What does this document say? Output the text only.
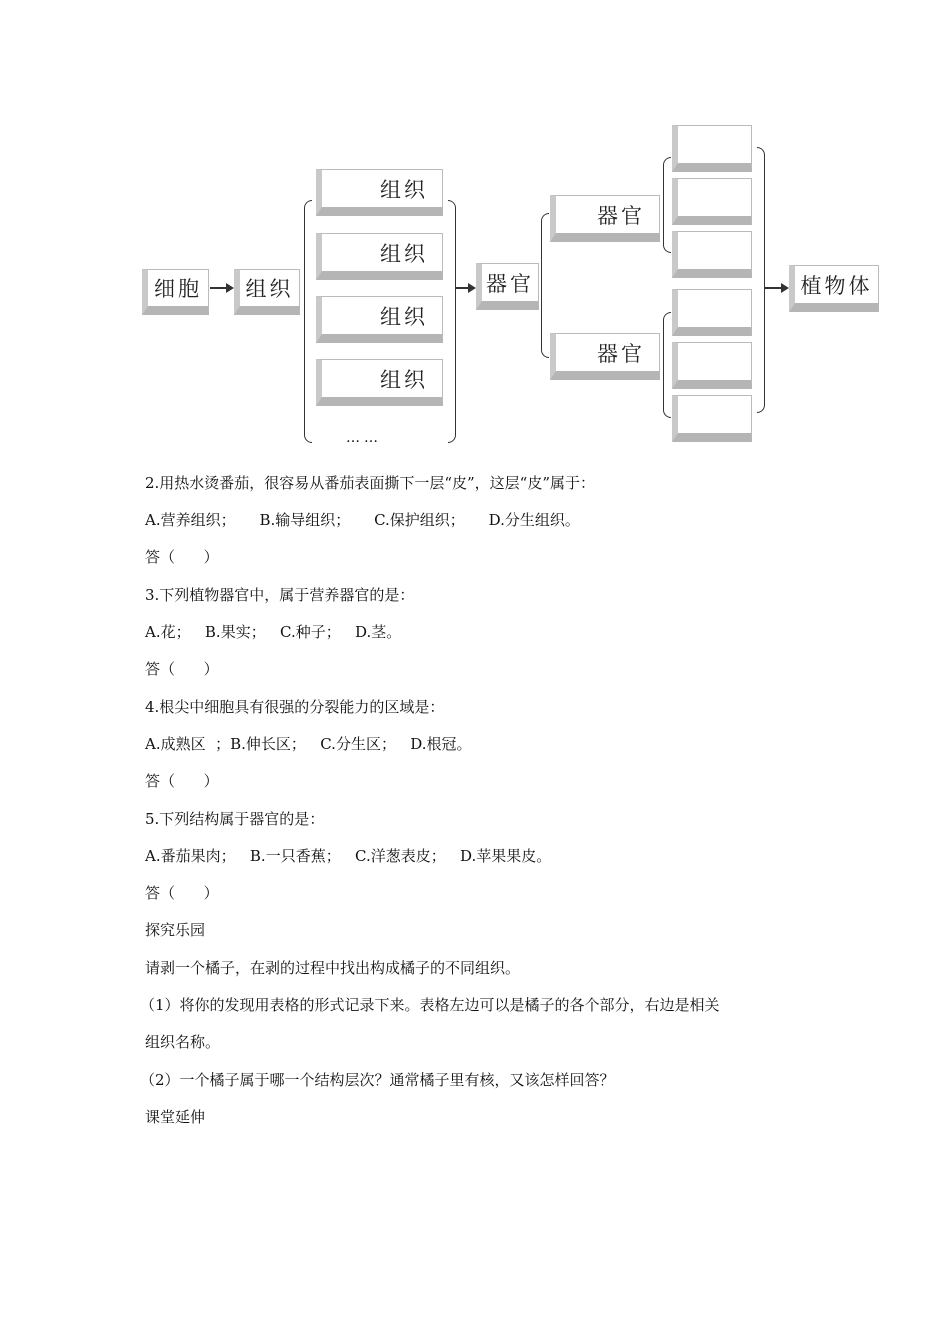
细胞	组织
组织
组织
组织
组织
……
器官
器官
器官
植物体
2.用热水烫番茄，很容易从番茄表面撕下一层“皮”，这层“皮”属于：
A.营养组织；     B.输导组织；     C.保护组织；     D.分生组织。
答（      ）
3.下列植物器官中，属于营养器官的是：
A.花；   B.果实；   C.种子；   D.茎。
答（      ）
4.根尖中细胞具有很强的分裂能力的区域是：
A.成熟区  ；B.伸长区；   C.分生区；   D.根冠。
答（      ）
5.下列结构属于器官的是：
A.番茄果肉；   B.一只香蕉；   C.洋葱表皮；   D.苹果果皮。
答（      ）
探究乐园
请剥一个橘子，在剥的过程中找出构成橘子的不同组织。
（1）将你的发现用表格的形式记录下来。表格左边可以是橘子的各个部分，右边是相关
组织名称。
（2）一个橘子属于哪一个结构层次？通常橘子里有核，又该怎样回答？
课堂延伸
